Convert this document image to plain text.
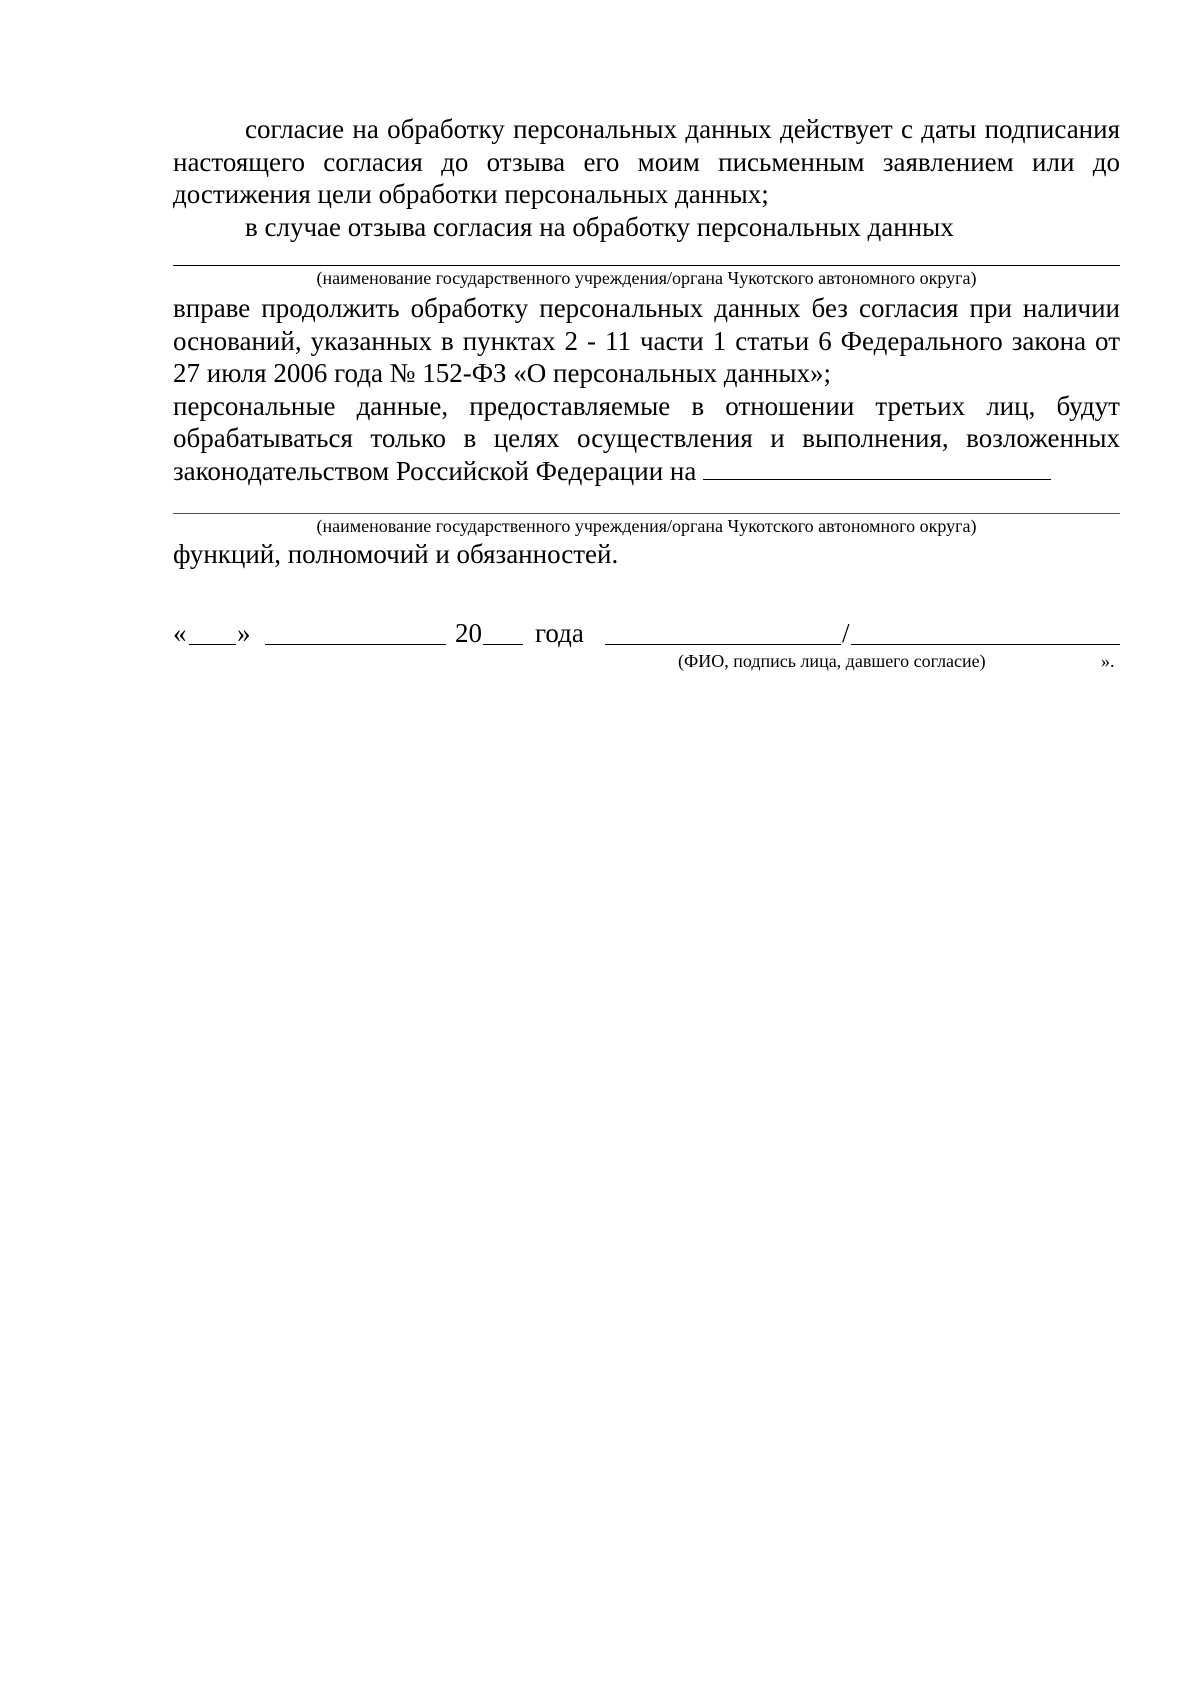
согласие на обработку персональных данных действует с даты подписания настоящего согласия до отзыва его моим письменным заявлением или до достижения цели обработки персональных данных;

в случае отзыва согласия на обработку персональных данных

(наименование государственного учреждения/органа Чукотского автономного округа)

вправе продолжить обработку персональных данных без согласия при наличии оснований, указанных в пунктах 2 - 11 части 1 статьи 6 Федерального закона от 27 июля 2006 года № 152-ФЗ «О персональных данных»;

персональные данные, предоставляемые в отношении третьих лиц, будут обрабатываться только в целях осуществления и выполнения, возложенных законодательством Российской Федерации на

(наименование государственного учреждения/органа Чукотского автономного округа)

функций, полномочий и обязанностей.

« »	20 года	/
(ФИО, подпись лица, давшего согласие)	».
